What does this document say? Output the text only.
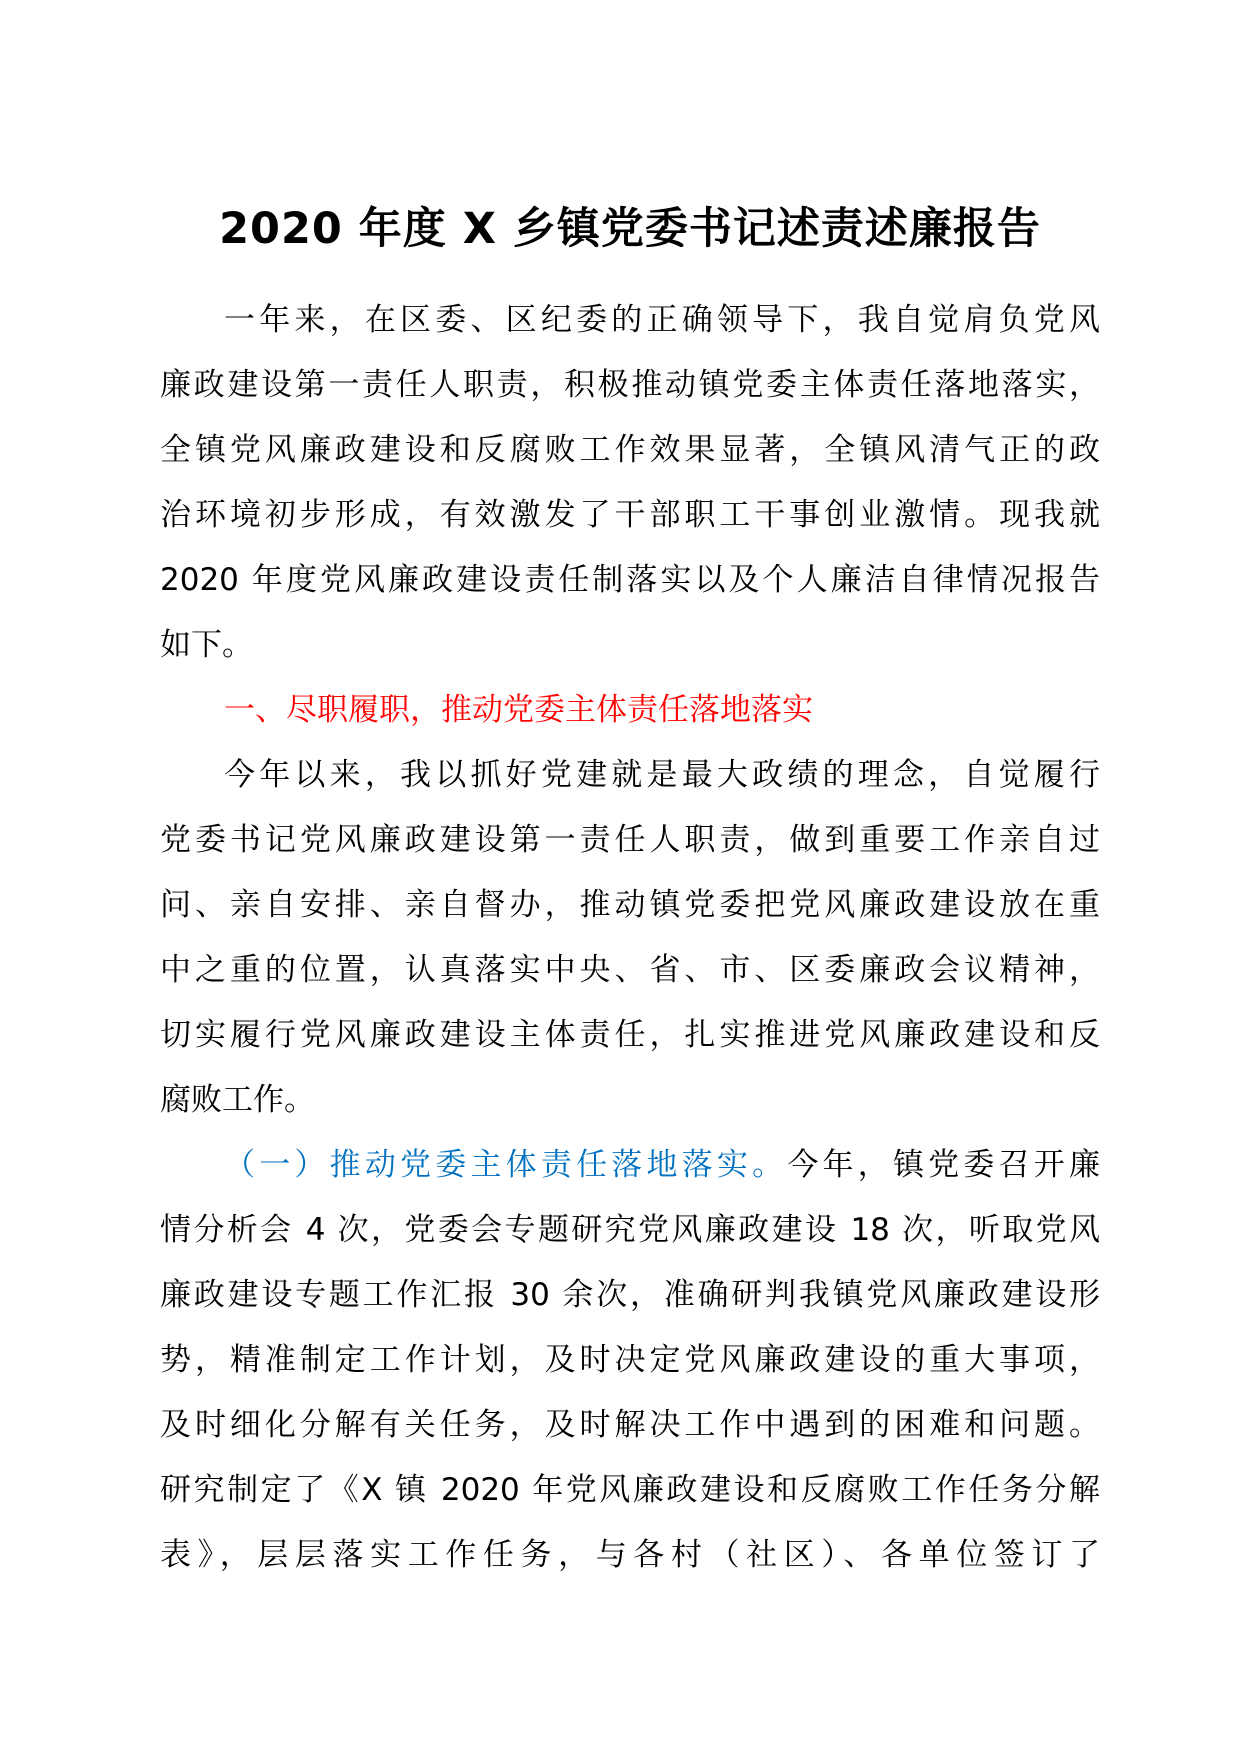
2020 年度 X 乡镇党委书记述责述廉报告
一年来，在区委、区纪委的正确领导下，我自觉肩负党风
廉政建设第一责任人职责，积极推动镇党委主体责任落地落实，
全镇党风廉政建设和反腐败工作效果显著，全镇风清气正的政
治环境初步形成，有效激发了干部职工干事创业激情。现我就
2020 年度党风廉政建设责任制落实以及个人廉洁自律情况报告
如下。
一、尽职履职，推动党委主体责任落地落实
今年以来，我以抓好党建就是最大政绩的理念，自觉履行
党委书记党风廉政建设第一责任人职责，做到重要工作亲自过
问、亲自安排、亲自督办，推动镇党委把党风廉政建设放在重
中之重的位置，认真落实中央、省、市、区委廉政会议精神，
切实履行党风廉政建设主体责任，扎实推进党风廉政建设和反
腐败工作。
（一）推动党委主体责任落地落实。今年，镇党委召开廉
情分析会 4 次，党委会专题研究党风廉政建设 18 次，听取党风
廉政建设专题工作汇报 30 余次，准确研判我镇党风廉政建设形
势，精准制定工作计划，及时决定党风廉政建设的重大事项，
及时细化分解有关任务，及时解决工作中遇到的困难和问题。
研究制定了《X 镇 2020 年党风廉政建设和反腐败工作任务分解
表》，层层落实工作任务，与各村（社区）、各单位签订了
